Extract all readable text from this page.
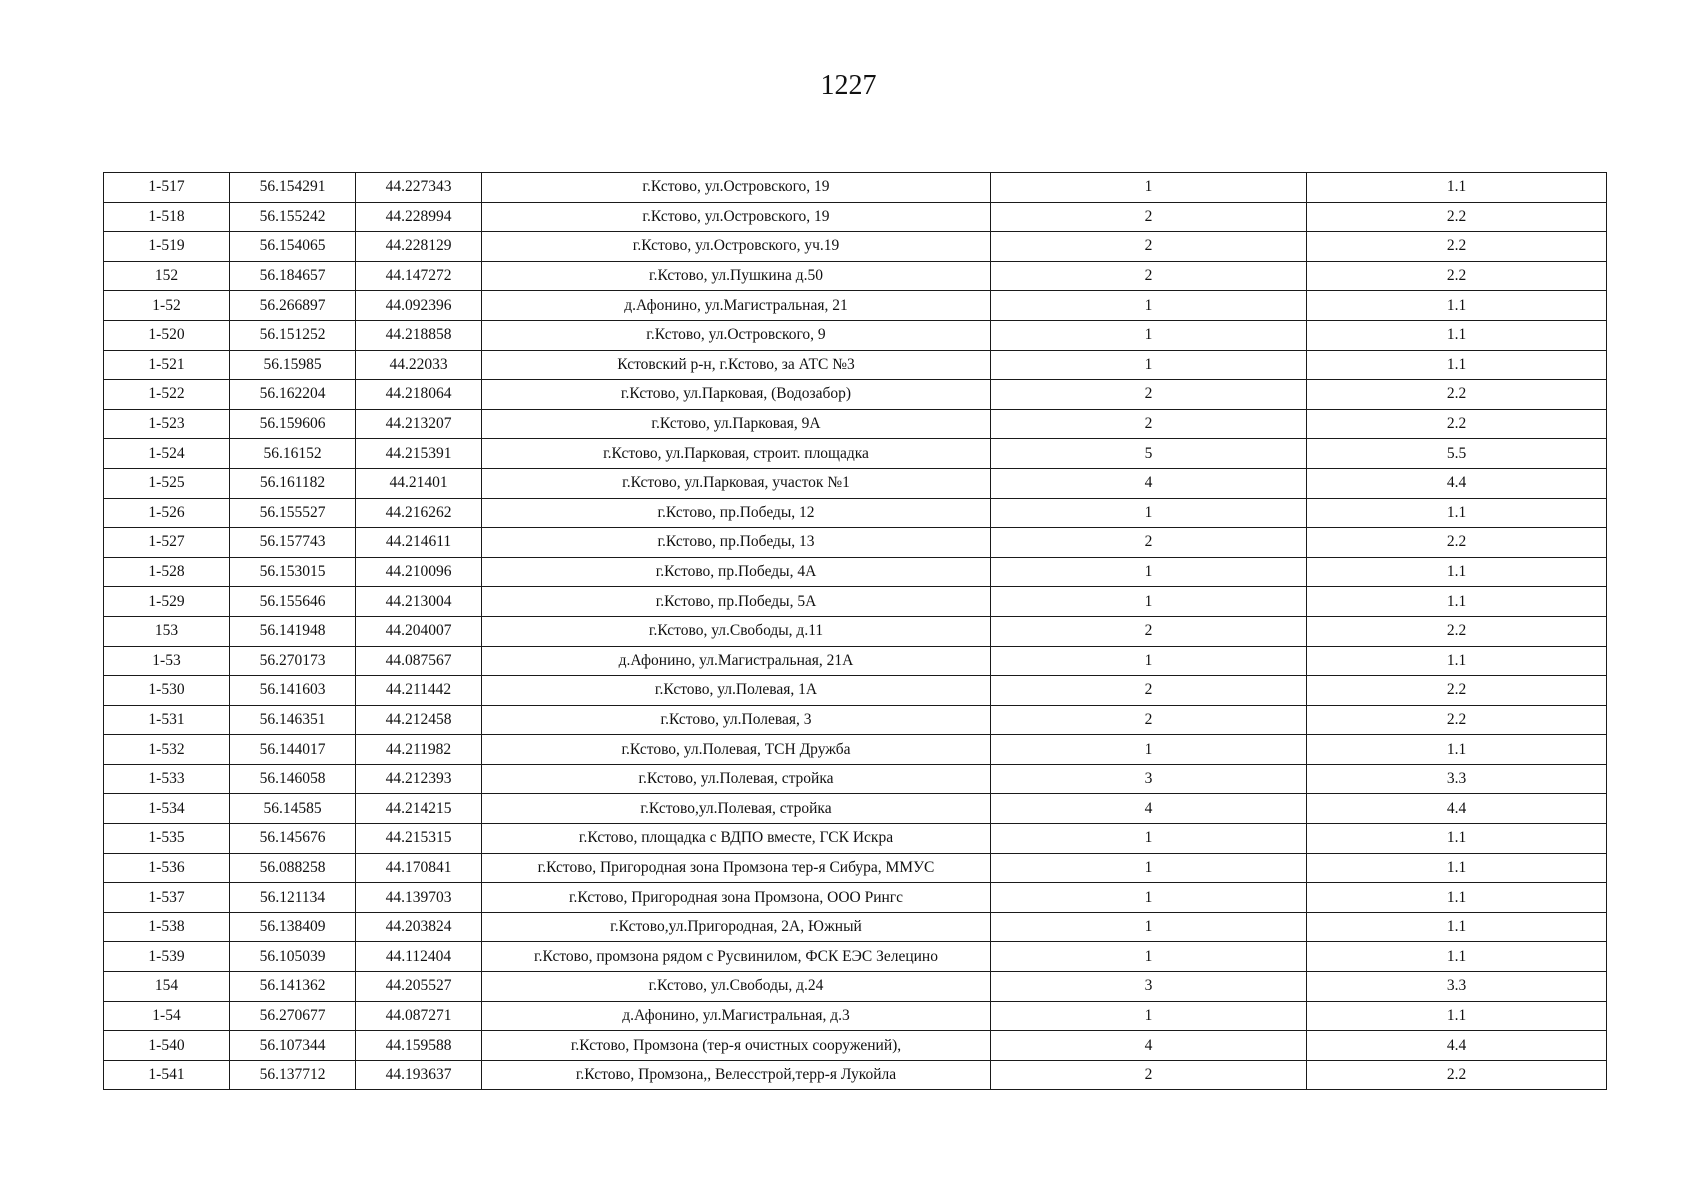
1227
1-517	56.154291	44.227343	г.Кстово, ул.Островского, 19	1	1.1
1-518	56.155242	44.228994	г.Кстово, ул.Островского, 19	2	2.2
1-519	56.154065	44.228129	г.Кстово, ул.Островского, уч.19	2	2.2
152	56.184657	44.147272	г.Кстово, ул.Пушкина д.50	2	2.2
1-52	56.266897	44.092396	д.Афонино, ул.Магистральная, 21	1	1.1
1-520	56.151252	44.218858	г.Кстово, ул.Островского, 9	1	1.1
1-521	56.15985	44.22033	Кстовский р-н, г.Кстово, за АТС №3	1	1.1
1-522	56.162204	44.218064	г.Кстово, ул.Парковая, (Водозабор)	2	2.2
1-523	56.159606	44.213207	г.Кстово, ул.Парковая, 9А	2	2.2
1-524	56.16152	44.215391	г.Кстово, ул.Парковая, строит. площадка	5	5.5
1-525	56.161182	44.21401	г.Кстово, ул.Парковая, участок №1	4	4.4
1-526	56.155527	44.216262	г.Кстово, пр.Победы, 12	1	1.1
1-527	56.157743	44.214611	г.Кстово, пр.Победы, 13	2	2.2
1-528	56.153015	44.210096	г.Кстово, пр.Победы, 4А	1	1.1
1-529	56.155646	44.213004	г.Кстово, пр.Победы, 5А	1	1.1
153	56.141948	44.204007	г.Кстово, ул.Свободы, д.11	2	2.2
1-53	56.270173	44.087567	д.Афонино, ул.Магистральная, 21А	1	1.1
1-530	56.141603	44.211442	г.Кстово, ул.Полевая, 1А	2	2.2
1-531	56.146351	44.212458	г.Кстово, ул.Полевая, 3	2	2.2
1-532	56.144017	44.211982	г.Кстово, ул.Полевая, ТСН Дружба	1	1.1
1-533	56.146058	44.212393	г.Кстово, ул.Полевая, стройка	3	3.3
1-534	56.14585	44.214215	г.Кстово,ул.Полевая, стройка	4	4.4
1-535	56.145676	44.215315	г.Кстово, площадка с ВДПО вместе, ГСК Искра	1	1.1
1-536	56.088258	44.170841	г.Кстово, Пригородная зона Промзона тер-я Сибура, ММУС	1	1.1
1-537	56.121134	44.139703	г.Кстово, Пригородная зона Промзона, ООО Рингс	1	1.1
1-538	56.138409	44.203824	г.Кстово,ул.Пригородная, 2А, Южный	1	1.1
1-539	56.105039	44.112404	г.Кстово, промзона рядом с Русвинилом, ФСК ЕЭС Зелецино	1	1.1
154	56.141362	44.205527	г.Кстово, ул.Свободы, д.24	3	3.3
1-54	56.270677	44.087271	д.Афонино, ул.Магистральная, д.3	1	1.1
1-540	56.107344	44.159588	г.Кстово, Промзона (тер-я очистных сооружений),	4	4.4
1-541	56.137712	44.193637	г.Кстово, Промзона,, Велесстрой,терр-я Лукойла	2	2.2
